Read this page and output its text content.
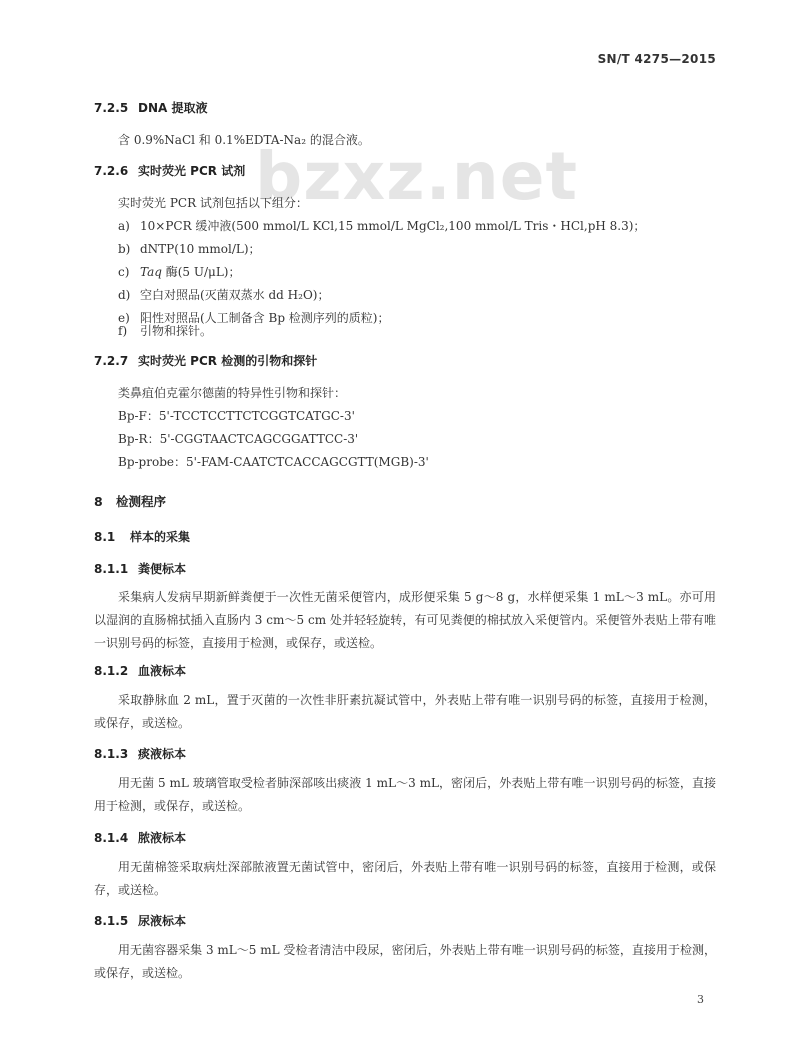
SN/T 4275—2015
bzxz.net
7.2.5 DNA 提取液
含 0.9%NaCl 和 0.1%EDTA-Na₂ 的混合液。
7.2.6 实时荧光 PCR 试剂
实时荧光 PCR 试剂包括以下组分：
a) 10×PCR 缓冲液(500 mmol/L KCl,15 mmol/L MgCl₂,100 mmol/L Tris・HCl,pH 8.3)；
b) dNTP(10 mmol/L)；
c) Taq 酶(5 U/μL)；
d) 空白对照品(灭菌双蒸水 dd H₂O)；
e) 阳性对照品(人工制备含 Bp 检测序列的质粒)；
f) 引物和探针。
7.2.7 实时荧光 PCR 检测的引物和探针
类鼻疽伯克霍尔德菌的特异性引物和探针：
Bp-F：5'-TCCTCCTTCTCGGTCATGC-3'
Bp-R：5'-CGGTAACTCAGCGGATTCC-3'
Bp-probe：5'-FAM-CAATCTCACCAGCGTT(MGB)-3'
8 检测程序
8.1 样本的采集
8.1.1 粪便标本
采集病人发病早期新鲜粪便于一次性无菌采便管内，成形便采集 5 g～8 g，水样便采集 1 mL～3 mL。亦可用以湿润的直肠棉拭插入直肠内 3 cm～5 cm 处并轻轻旋转，有可见粪便的棉拭放入采便管内。采便管外表贴上带有唯一识别号码的标签，直接用于检测，或保存，或送检。
8.1.2 血液标本
采取静脉血 2 mL，置于灭菌的一次性非肝素抗凝试管中，外表贴上带有唯一识别号码的标签，直接用于检测，或保存，或送检。
8.1.3 痰液标本
用无菌 5 mL 玻璃管取受检者肺深部咳出痰液 1 mL～3 mL，密闭后，外表贴上带有唯一识别号码的标签，直接用于检测，或保存，或送检。
8.1.4 脓液标本
用无菌棉签采取病灶深部脓液置无菌试管中，密闭后，外表贴上带有唯一识别号码的标签，直接用于检测，或保存，或送检。
8.1.5 尿液标本
用无菌容器采集 3 mL～5 mL 受检者清洁中段尿，密闭后，外表贴上带有唯一识别号码的标签，直接用于检测，或保存，或送检。
3
